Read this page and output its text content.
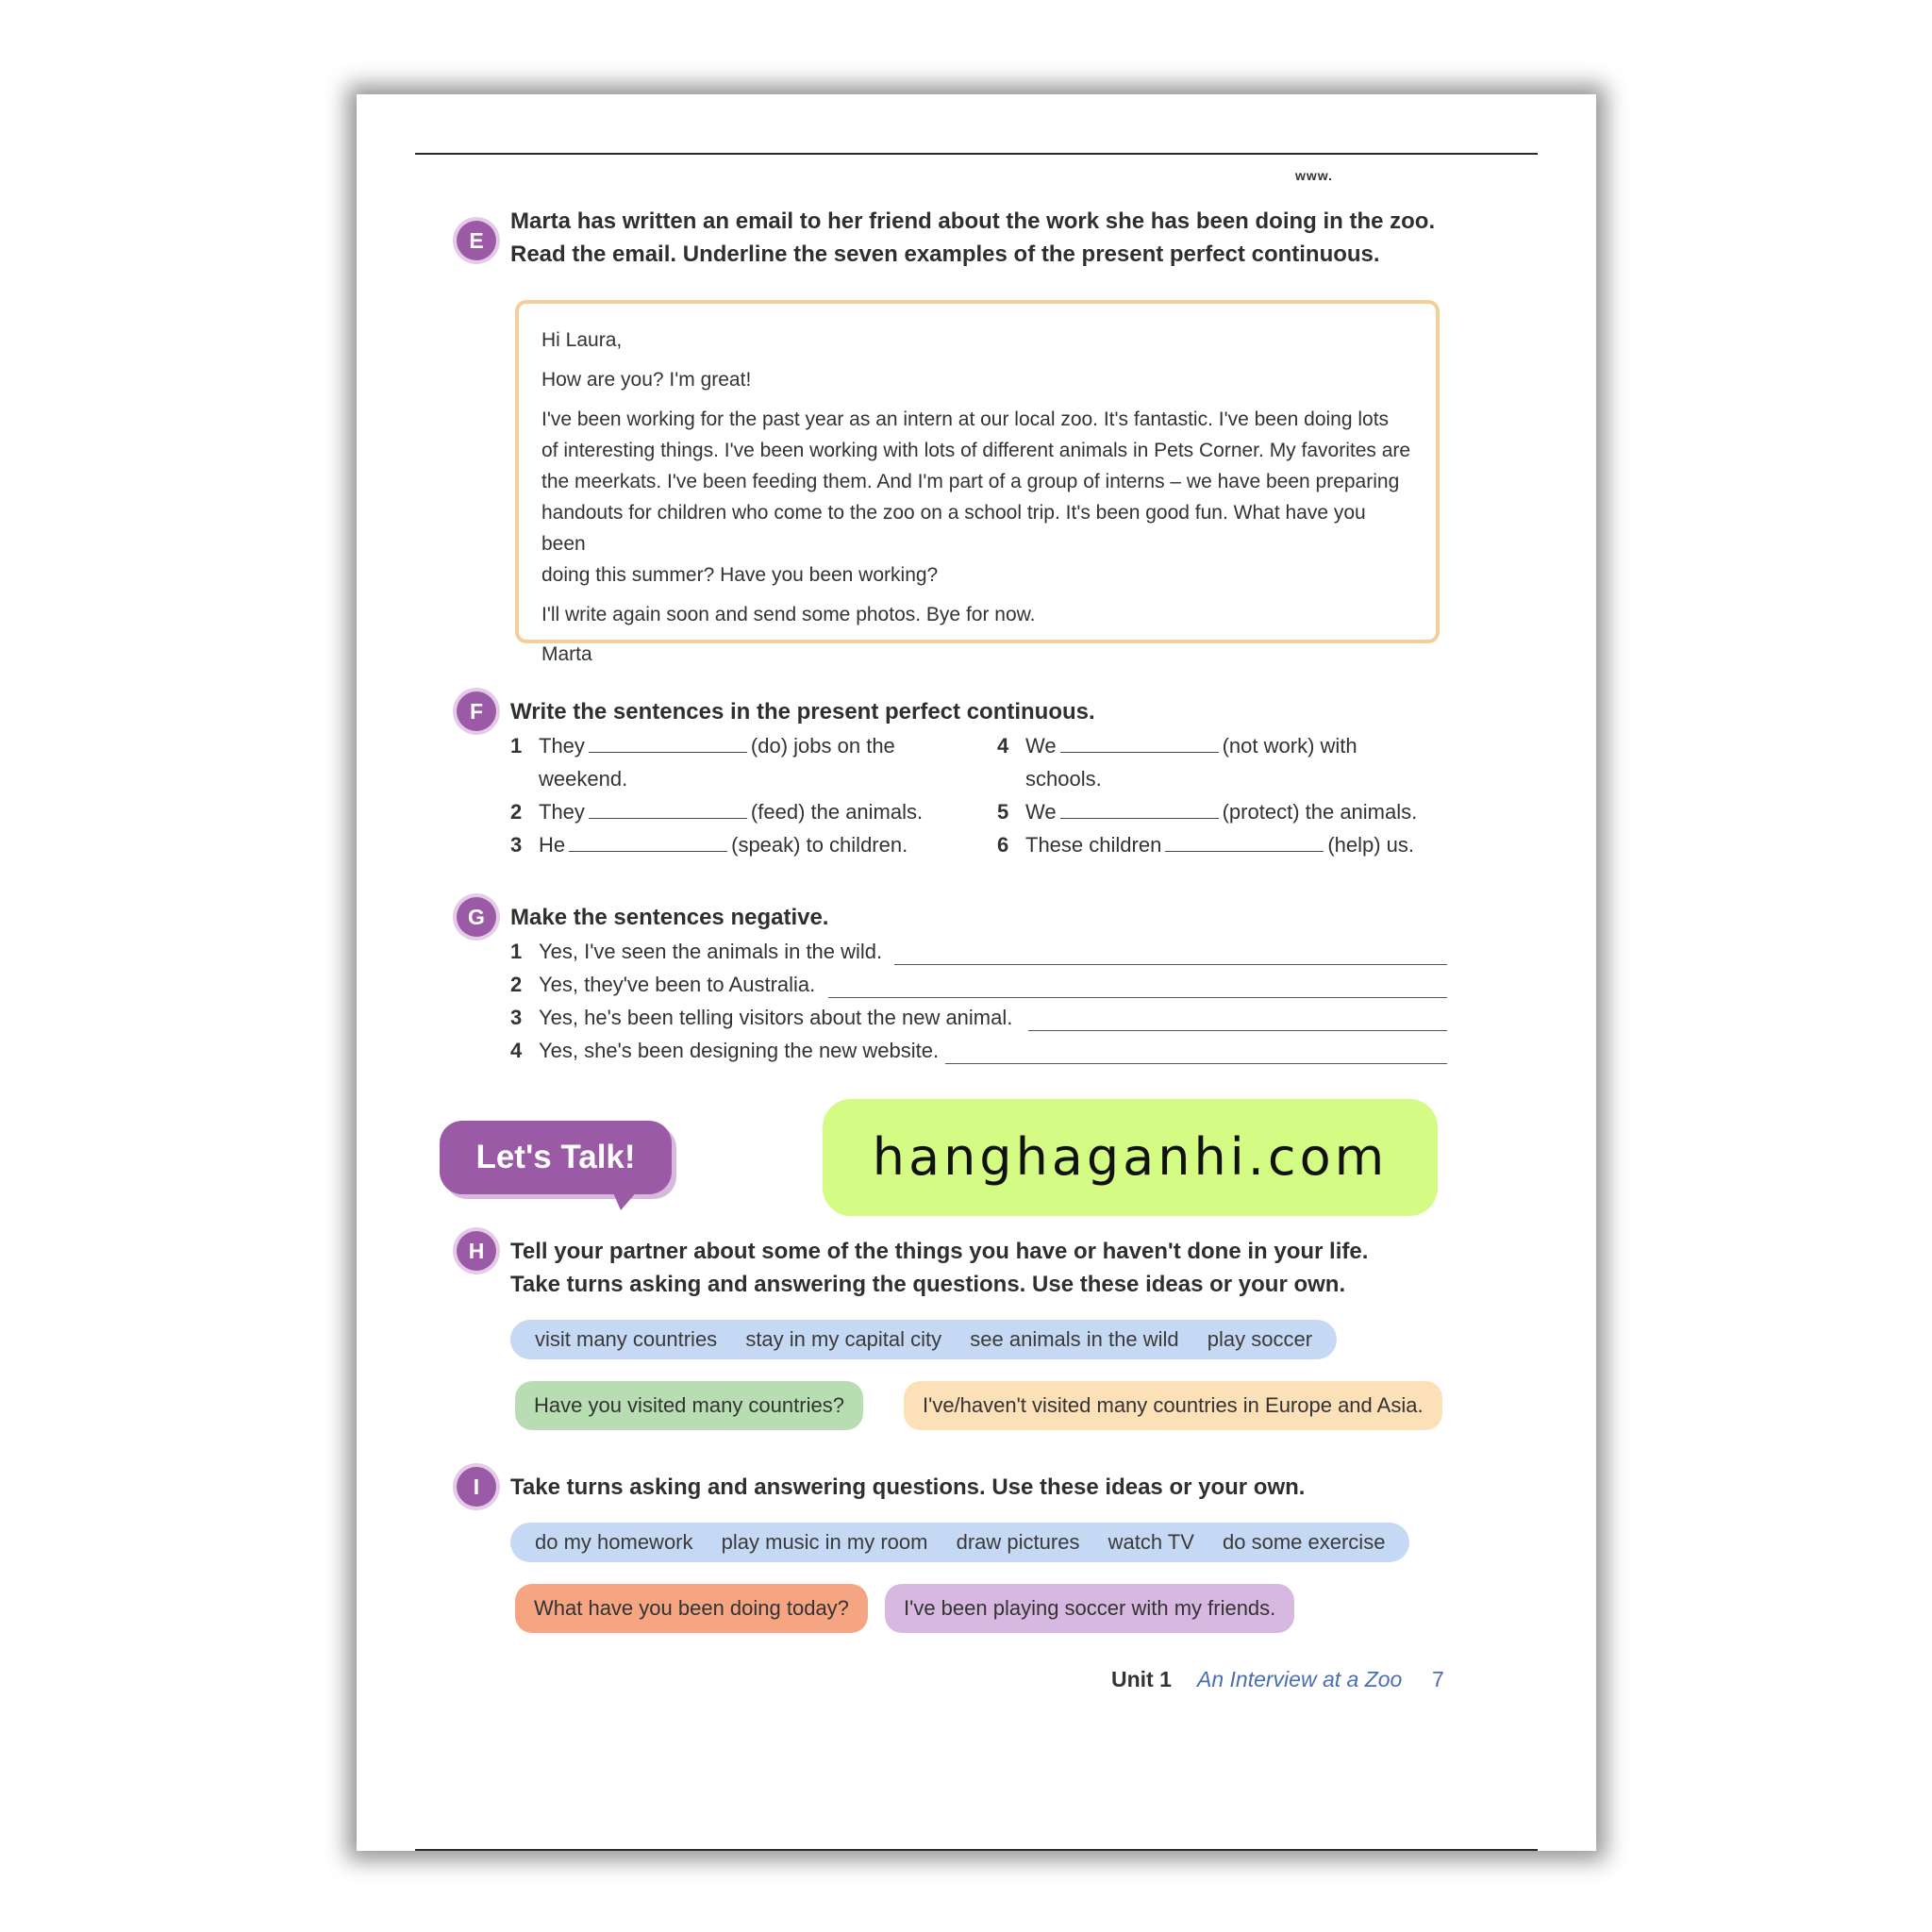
www.
E
Marta has written an email to her friend about the work she has been doing in the zoo.
Read the email. Underline the seven examples of the present perfect continuous.

Hi Laura,

How are you? I'm great!

I've been working for the past year as an intern at our local zoo. It's fantastic. I've been doing lots
of interesting things. I've been working with lots of different animals in Pets Corner. My favorites are
the meerkats. I've been feeding them. And I'm part of a group of interns – we have been preparing
handouts for children who come to the zoo on a school trip. It's been good fun. What have you been
doing this summer? Have you been working?

I'll write again soon and send some photos. Bye for now.

Marta

F	Write the sentences in the present perfect continuous.
1 They	(do) jobs on the
weekend.
2 They	(feed) the animals.
3 He	(speak) to children.
4 We	(not work) with
schools.
5 We	(protect) the animals.
6 These children	(help) us.
G	Make the sentences negative.
1 Yes, I've seen the animals in the wild.
2 Yes, they've been to Australia.
3 Yes, he's been telling visitors about the new animal.
4 Yes, she's been designing the new website.
Let's Talk!	hanghaganhi.com
H	Tell your partner about some of the things you have or haven't done in your life.
Take turns asking and answering the questions. Use these ideas or your own.
visit many countries stay in my capital city see animals in the wild play soccer
Have you visited many countries?	I've/haven't visited many countries in Europe and Asia.
I	Take turns asking and answering questions. Use these ideas or your own.
do my homework play music in my room draw pictures watch TV do some exercise
What have you been doing today?	I've been playing soccer with my friends.
Unit 1 An Interview at a Zoo 7
